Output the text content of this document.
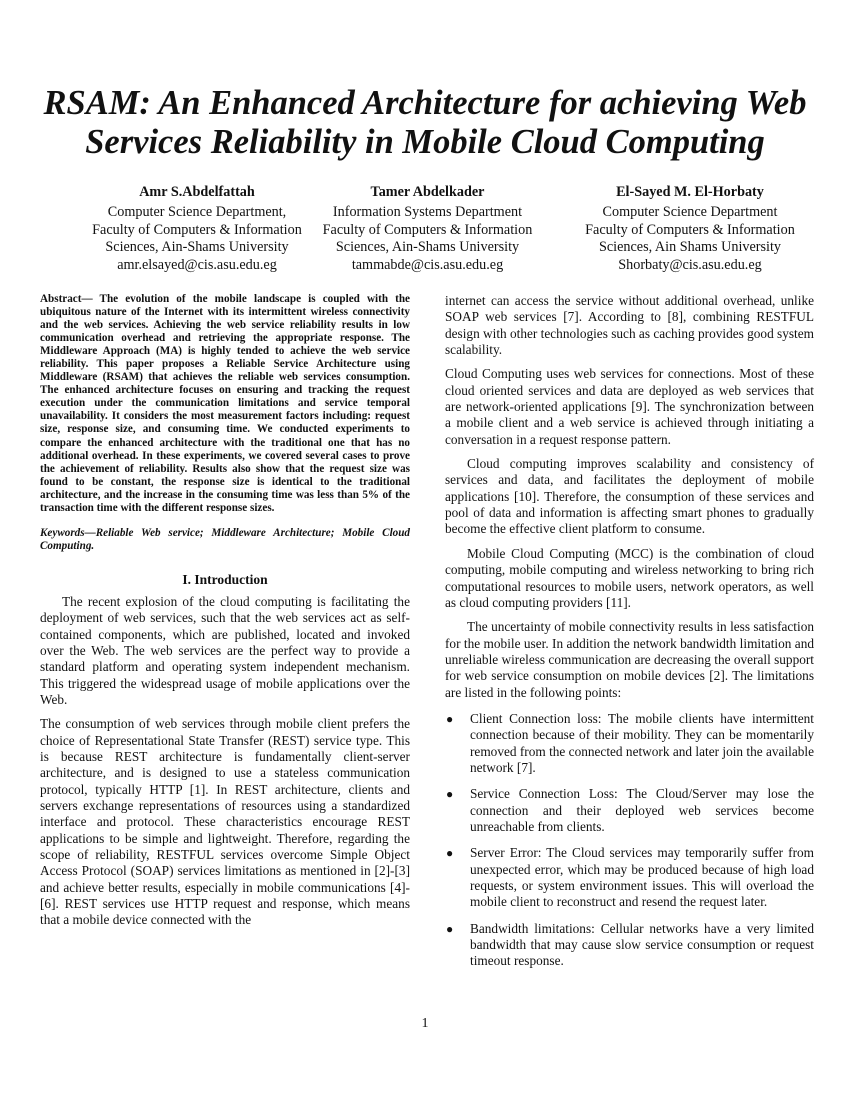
RSAM: An Enhanced Architecture for achieving Web
Services Reliability in Mobile Cloud Computing
Amr S.Abdelfattah
Computer Science Department,
Faculty of Computers & Information
Sciences, Ain-Shams University
amr.elsayed@cis.asu.edu.eg
Tamer Abdelkader
Information Systems Department
Faculty of Computers & Information
Sciences, Ain-Shams University
tammabde@cis.asu.edu.eg
El-Sayed M. El-Horbaty
Computer Science Department
Faculty of Computers & Information
Sciences, Ain Shams University
Shorbaty@cis.asu.edu.eg

Abstract— The evolution of the mobile landscape is coupled with the ubiquitous nature of the Internet with its intermittent wireless connectivity and the web services. Achieving the web service reliability results in low communication overhead and retrieving the appropriate response. The Middleware Approach (MA) is highly tended to achieve the web service reliability. This paper proposes a Reliable Service Architecture using Middleware (RSAM) that achieves the reliable web services consumption. The enhanced architecture focuses on ensuring and tracking the request execution under the communication limitations and service temporal unavailability. It considers the most measurement factors including: request size, response size, and consuming time. We conducted experiments to compare the enhanced architecture with the traditional one that has no additional overhead. In these experiments, we covered several cases to prove the achievement of reliability. Results also show that the request size was found to be constant, the response size is identical to the traditional architecture, and the increase in the consuming time was less than 5% of the transaction time with the different response sizes.

Keywords—Reliable Web service; Middleware Architecture; Mobile Cloud Computing.

I. Introduction

The recent explosion of the cloud computing is facilitating the deployment of web services, such that the web services act as self-contained components, which are published, located and invoked over the Web. The web services are the perfect way to provide a standard platform and operating system independent mechanism. This triggered the widespread usage of mobile applications over the Web.

The consumption of web services through mobile client prefers the choice of Representational State Transfer (REST) service type. This is because REST architecture is fundamentally client-server architecture, and is designed to use a stateless communication protocol, typically HTTP [1]. In REST architecture, clients and servers exchange representations of resources using a standardized interface and protocol. These characteristics encourage REST applications to be simple and lightweight. Therefore, regarding the scope of reliability, RESTFUL services overcome Simple Object Access Protocol (SOAP) services limitations as mentioned in [2]-[3] and achieve better results, especially in mobile communications [4]-[6]. REST services use HTTP request and response, which means that a mobile device connected with the

internet can access the service without additional overhead, unlike SOAP web services [7]. According to [8], combining RESTFUL design with other technologies such as caching provides good system scalability.

Cloud Computing uses web services for connections. Most of these cloud oriented services and data are deployed as web services that are network-oriented applications [9]. The synchronization between a mobile client and a web service is achieved through initiating a conversation in a request response pattern.

Cloud computing improves scalability and consistency of services and data, and facilitates the deployment of mobile applications [10]. Therefore, the consumption of these services and pool of data and information is affecting smart phones to gradually become the effective client platform to consume.

Mobile Cloud Computing (MCC) is the combination of cloud computing, mobile computing and wireless networking to bring rich computational resources to mobile users, network operators, as well as cloud computing providers [11].

The uncertainty of mobile connectivity results in less satisfaction for the mobile user. In addition the network bandwidth limitation and unreliable wireless communication are decreasing the overall support for web service consumption on mobile devices [2]. The limitations are listed in the following points:

● Client Connection loss: The mobile clients have intermittent connection because of their mobility. They can be momentarily removed from the connected network and later join the available network [7].

● Service Connection Loss: The Cloud/Server may lose the connection and their deployed web services become unreachable from clients.

● Server Error: The Cloud services may temporarily suffer from unexpected error, which may be produced because of high load requests, or system environment issues. This will overload the mobile client to reconstruct and resend the request later.

● Bandwidth limitations: Cellular networks have a very limited bandwidth that may cause slow service consumption or request timeout response.

1
